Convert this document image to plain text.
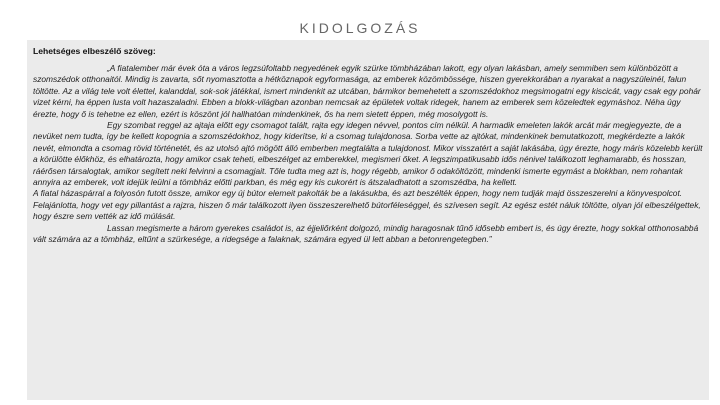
KIDOLGOZÁS
Lehetséges elbeszélő szöveg:
„A fiatalember már évek óta a város legzsúfoltabb negyedének egyik szürke tömbházában lakott, egy olyan lakásban, amely semmiben sem különbözött a szomszédok otthonaitól. Mindig is zavarta, sőt nyomasztotta a hétköznapok egyformasága, az emberek közömbössége, hiszen gyerekkorában a nyarakat a nagyszüleinél, falun töltötte. Az a világ tele volt élettel, kalanddal, sok-sok játékkal, ismert mindenkit az utcában, bármikor bemehetett a szomszédokhoz megsimogatni egy kiscicát, vagy csak egy pohár vizet kérni, ha éppen lusta volt hazaszaladni. Ebben a blokk-világban azonban nemcsak az épületek voltak ridegek, hanem az emberek sem közeledtek egymáshoz. Néha úgy érezte, hogy ő is tehetne ez ellen, ezért is köszönt jól hallhatóan mindenkinek, ős ha nem sietett éppen, még mosolygott is.
Egy szombat reggel az ajtaja előtt egy csomagot talált, rajta egy idegen névvel, pontos cím nélkül. A harmadik emeleten lakók arcát már megjegyezte, de a nevüket nem tudta, így be kellett kopognia a szomszédokhoz, hogy kiderítse, ki a csomag tulajdonosa. Sorba vette az ajtókat, mindenkinek bemutatkozott, megkérdezte a lakók nevét, elmondta a csomag rövid történetét, és az utolsó ajtó mögött álló emberben megtalálta a tulajdonost. Mikor visszatért a saját lakásába, úgy érezte, hogy máris közelebb került a körülötte élőkhöz, és elhatározta, hogy amikor csak teheti, elbeszélget az emberekkel, megismeri őket. A legszimpatikusabb idős nénivel találkozott leghamarabb, és hosszan, ráérősen társalogtak, amikor segített neki felvinni a csomagjait. Tőle tudta meg azt is, hogy régebb, amikor ő odaköltözött, mindenki ismerte egymást a blokkban, nem rohantak annyira az emberek, volt idejük leülni a tömbház előtti parkban, és még egy kis cukorért is átszaladhatott a szomszédba, ha kellett.
A fiatal házaspárral a folyosón futott össze, amikor egy új bútor elemeit pakolták be a lakásukba, és azt beszélték éppen, hogy nem tudják majd összeszerelni a könyvespolcot. Felajánlotta, hogy vet egy pillantást a rajzra, hiszen ő már találkozott ilyen összeszerelhető bútorféleséggel, és szívesen segít. Az egész estét náluk töltötte, olyan jól elbeszélgettek, hogy észre sem vették az idő múlását.
Lassan megismerte a három gyerekes családot is, az éjjeliőrként dolgozó, mindig haragosnak tűnő idősebb embert is, és úgy érezte, hogy sokkal otthonosabbá vált számára az a tömbház, eltűnt a szürkesége, a ridegsége a falaknak, számára egyed ül lett abban a betonrengetegben.”
